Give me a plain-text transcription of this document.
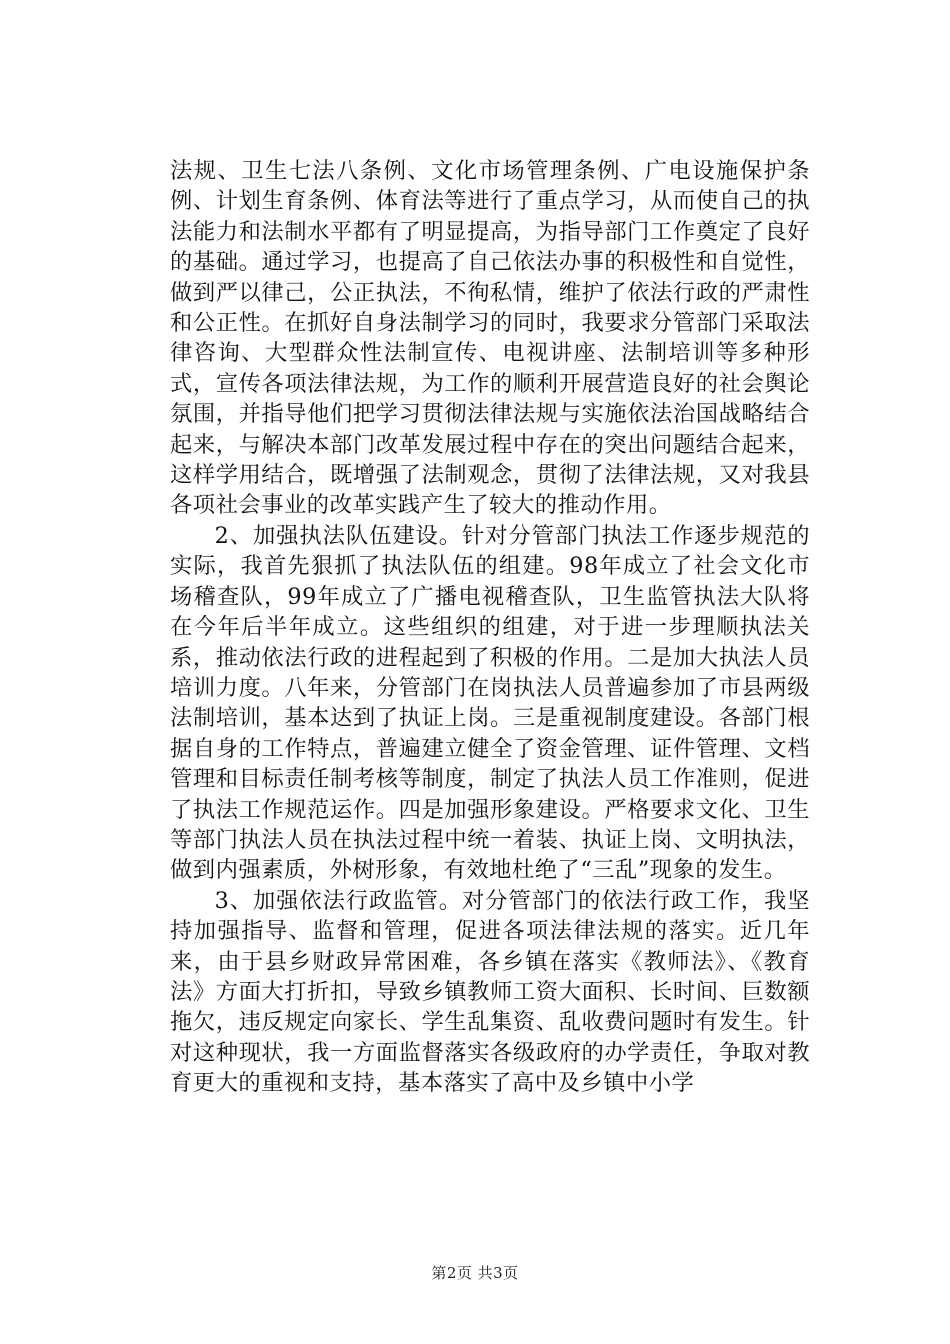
法规、卫生七法八条例、文化市场管理条例、广电设施保护条例、计划生育条例、体育法等进行了重点学习，从而使自己的执法能力和法制水平都有了明显提高，为指导部门工作奠定了良好的基础。通过学习，也提高了自己依法办事的积极性和自觉性，做到严以律己，公正执法，不徇私情，维护了依法行政的严肃性和公正性。在抓好自身法制学习的同时，我要求分管部门采取法律咨询、大型群众性法制宣传、电视讲座、法制培训等多种形式，宣传各项法律法规，为工作的顺利开展营造良好的社会舆论氛围，并指导他们把学习贯彻法律法规与实施依法治国战略结合起来，与解决本部门改革发展过程中存在的突出问题结合起来，这样学用结合，既增强了法制观念，贯彻了法律法规，又对我县各项社会事业的改革实践产生了较大的推动作用。

2、加强执法队伍建设。针对分管部门执法工作逐步规范的实际，我首先狠抓了执法队伍的组建。98年成立了社会文化市场稽查队，99年成立了广播电视稽查队，卫生监管执法大队将在今年后半年成立。这些组织的组建，对于进一步理顺执法关系，推动依法行政的进程起到了积极的作用。二是加大执法人员培训力度。八年来，分管部门在岗执法人员普遍参加了市县两级法制培训，基本达到了执证上岗。三是重视制度建设。各部门根据自身的工作特点，普遍建立健全了资金管理、证件管理、文档管理和目标责任制考核等制度，制定了执法人员工作准则，促进了执法工作规范运作。四是加强形象建设。严格要求文化、卫生等部门执法人员在执法过程中统一着装、执证上岗、文明执法，做到内强素质，外树形象，有效地杜绝了“三乱”现象的发生。

3、加强依法行政监管。对分管部门的依法行政工作，我坚持加强指导、监督和管理，促进各项法律法规的落实。近几年来，由于县乡财政异常困难，各乡镇在落实《教师法》、《教育法》方面大打折扣，导致乡镇教师工资大面积、长时间、巨数额拖欠，违反规定向家长、学生乱集资、乱收费问题时有发生。针对这种现状，我一方面监督落实各级政府的办学责任，争取对教育更大的重视和支持，基本落实了高中及乡镇中小学

第2页 共3页
